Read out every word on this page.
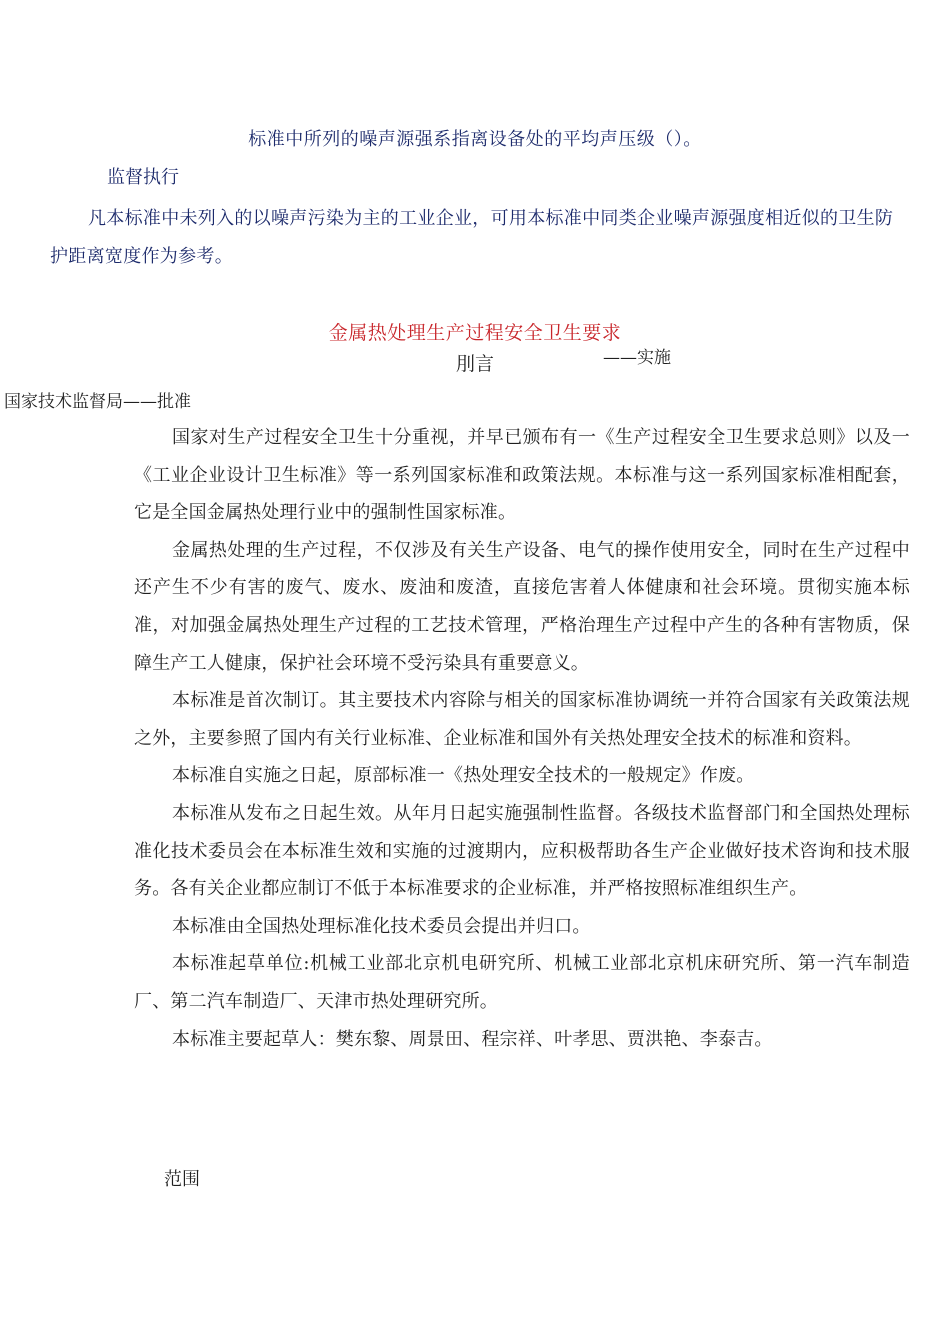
标准中所列的噪声源强系指离设备处的平均声压级（）。
监督执行
凡本标准中未列入的以噪声污染为主的工业企业，可用本标准中同类企业噪声源强度相近似的卫生防护距离宽度作为参考。
金属热处理生产过程安全卫生要求
刖言	——实施
国家技术监督局——批准

国家对生产过程安全卫生十分重视，并早已颁布有一《生产过程安全卫生要求总则》以及一《工业企业设计卫生标准》等一系列国家标准和政策法规。本标准与这一系列国家标准相配套，它是全国金属热处理行业中的强制性国家标准。

金属热处理的生产过程，不仅涉及有关生产设备、电气的操作使用安全，同时在生产过程中还产生不少有害的废气、废水、废油和废渣，直接危害着人体健康和社会环境。贯彻实施本标准，对加强金属热处理生产过程的工艺技术管理，严格治理生产过程中产生的各种有害物质，保障生产工人健康，保护社会环境不受污染具有重要意义。

本标准是首次制订。其主要技术内容除与相关的国家标准协调统一并符合国家有关政策法规之外，主要参照了国内有关行业标准、企业标准和国外有关热处理安全技术的标准和资料。

本标准自实施之日起，原部标准一《热处理安全技术的一般规定》作废。

本标准从发布之日起生效。从年月日起实施强制性监督。各级技术监督部门和全国热处理标准化技术委员会在本标准生效和实施的过渡期内，应积极帮助各生产企业做好技术咨询和技术服务。各有关企业都应制订不低于本标准要求的企业标准，并严格按照标准组织生产。

本标准由全国热处理标准化技术委员会提出并归口。

本标准起草单位:机械工业部北京机电研究所、机械工业部北京机床研究所、第一汽车制造厂、第二汽车制造厂、天津市热处理研究所。

本标准主要起草人：樊东黎、周景田、程宗祥、叶孝思、贾洪艳、李泰吉。

范围
